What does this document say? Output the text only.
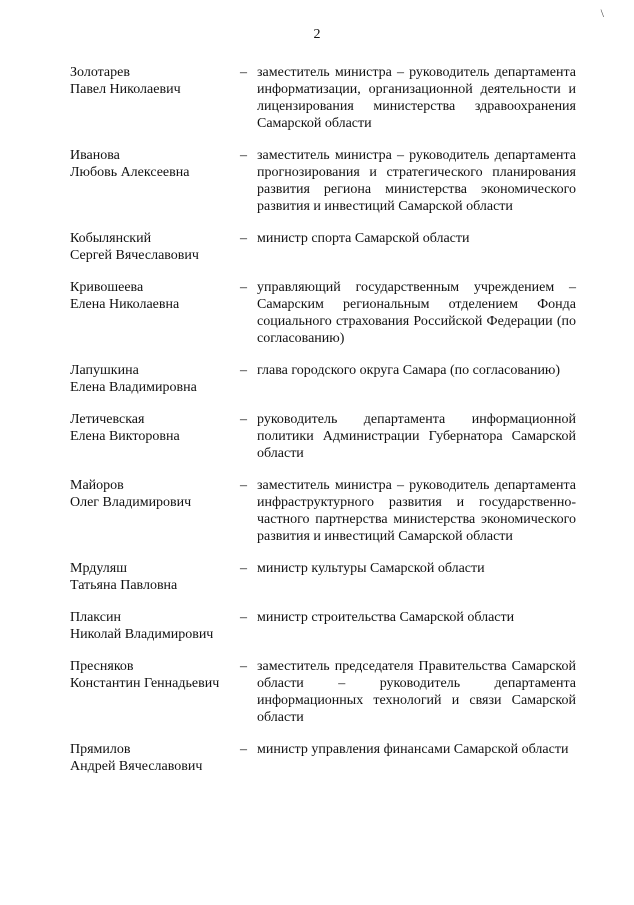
\
2
Золотарев
Павел Николаевич
– заместитель министра – руководитель департамента информатизации, организационной деятельности и лицензирования министерства здравоохранения Самарской области
Иванова
Любовь Алексеевна
– заместитель министра – руководитель департамента прогнозирования и стратегического планирования развития региона министерства экономического развития и инвестиций Самарской области
Кобылянский
Сергей Вячеславович
– министр спорта Самарской области
Кривошеева
Елена Николаевна
– управляющий государственным учреждением – Самарским региональным отделением Фонда социального страхования Российской Федерации (по согласованию)
Лапушкина
Елена Владимировна
– глава городского округа Самара (по согласованию)
Летичевская
Елена Викторовна
– руководитель департамента информационной политики Администрации Губернатора Самарской области
Майоров
Олег Владимирович
– заместитель министра – руководитель департамента инфраструктурного развития и государственно-частного партнерства министерства экономического развития и инвестиций Самарской области
Мрдуляш
Татьяна Павловна
– министр культуры Самарской области
Плаксин
Николай Владимирович
– министр строительства Самарской области
Пресняков
Константин Геннадьевич
– заместитель председателя Правительства Самарской области – руководитель департамента информационных технологий и связи Самарской области
Прямилов
Андрей Вячеславович
– министр управления финансами Самарской области
